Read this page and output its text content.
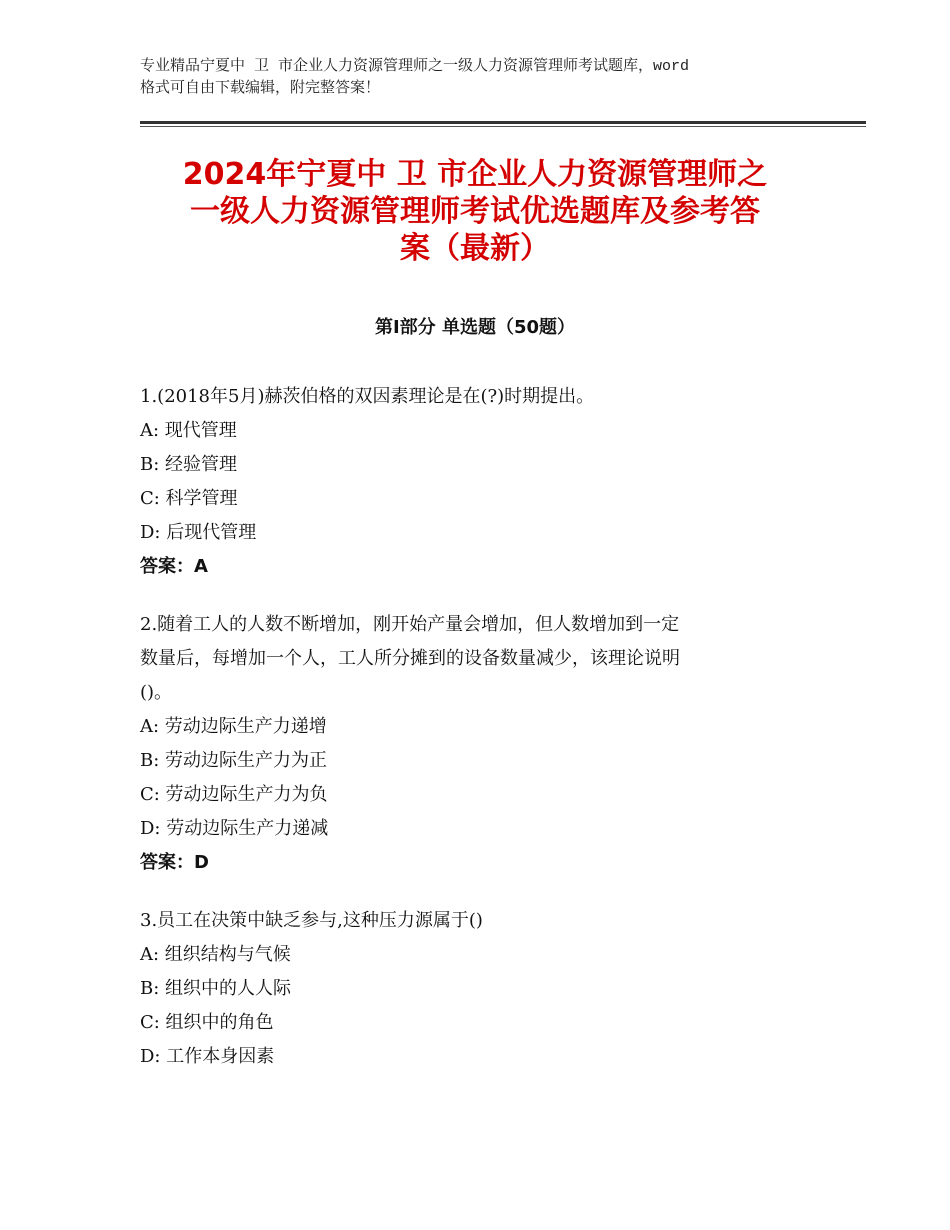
专业精品宁夏中 卫 市企业人力资源管理师之一级人力资源管理师考试题库，word
格式可自由下载编辑，附完整答案！
2024年宁夏中 卫 市企业人力资源管理师之
一级人力资源管理师考试优选题库及参考答
案（最新）
第Ⅰ部分 单选题（50题）
1.(2018年5月)赫茨伯格的双因素理论是在(?)时期提出。
A: 现代管理
B: 经验管理
C: 科学管理
D: 后现代管理
答案：A
2.随着工人的人数不断增加，刚开始产量会增加，但人数增加到一定
数量后，每增加一个人，工人所分摊到的设备数量减少，该理论说明
()。
A: 劳动边际生产力递增
B: 劳动边际生产力为正
C: 劳动边际生产力为负
D: 劳动边际生产力递减
答案：D
3.员工在决策中缺乏参与,这种压力源属于()
A: 组织结构与气候
B: 组织中的人人际
C: 组织中的角色
D: 工作本身因素
